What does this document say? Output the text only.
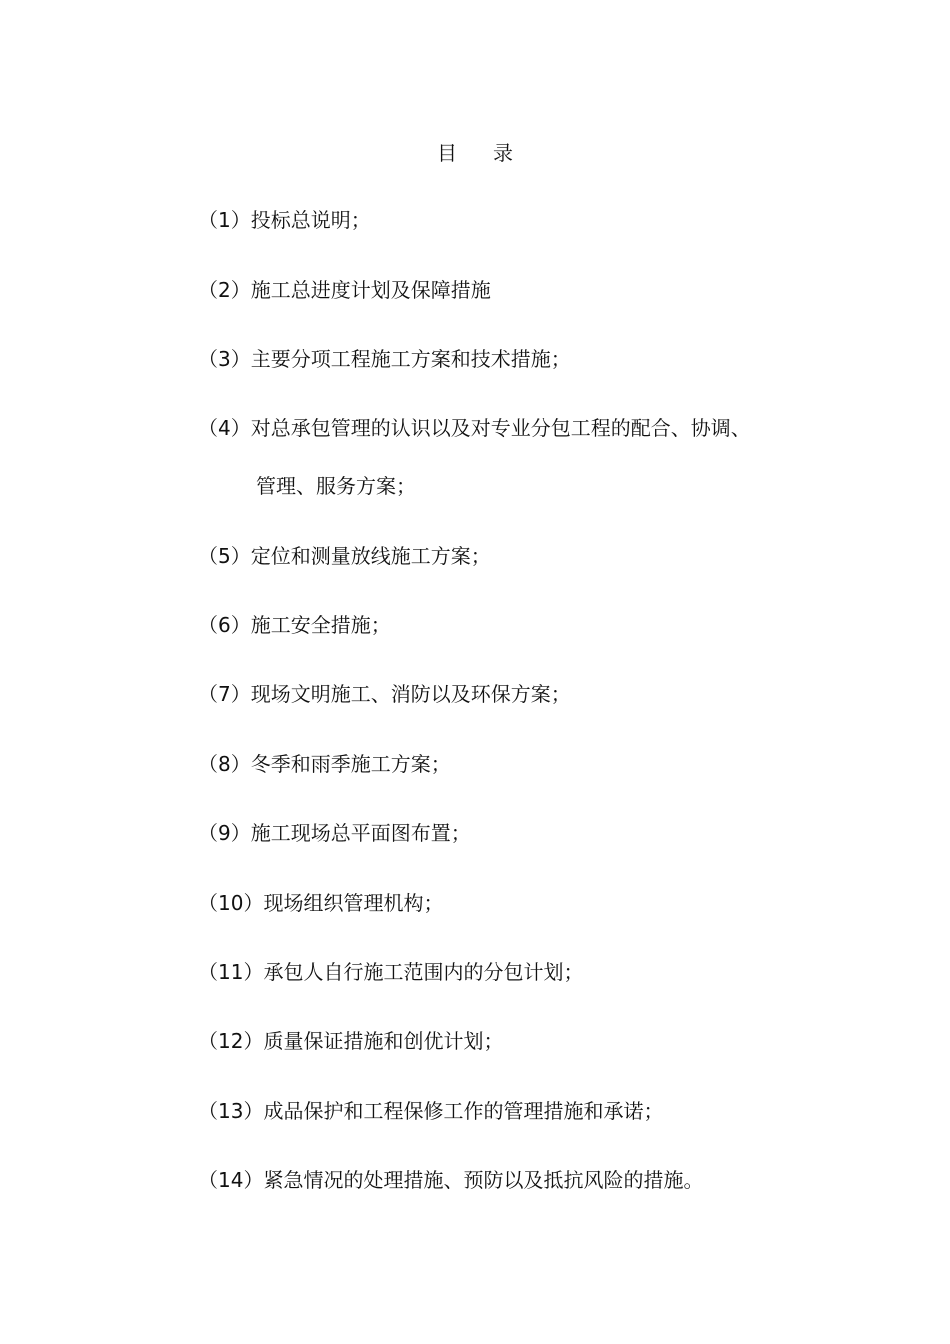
目 录
（1）投标总说明；
（2）施工总进度计划及保障措施
（3）主要分项工程施工方案和技术措施；
（4）对总承包管理的认识以及对专业分包工程的配合、协调、
管理、服务方案；
（5）定位和测量放线施工方案；
（6）施工安全措施；
（7）现场文明施工、消防以及环保方案；
（8）冬季和雨季施工方案；
（9）施工现场总平面图布置；
（10）现场组织管理机构；
（11）承包人自行施工范围内的分包计划；
（12）质量保证措施和创优计划；
（13）成品保护和工程保修工作的管理措施和承诺；
（14）紧急情况的处理措施、预防以及抵抗风险的措施。
